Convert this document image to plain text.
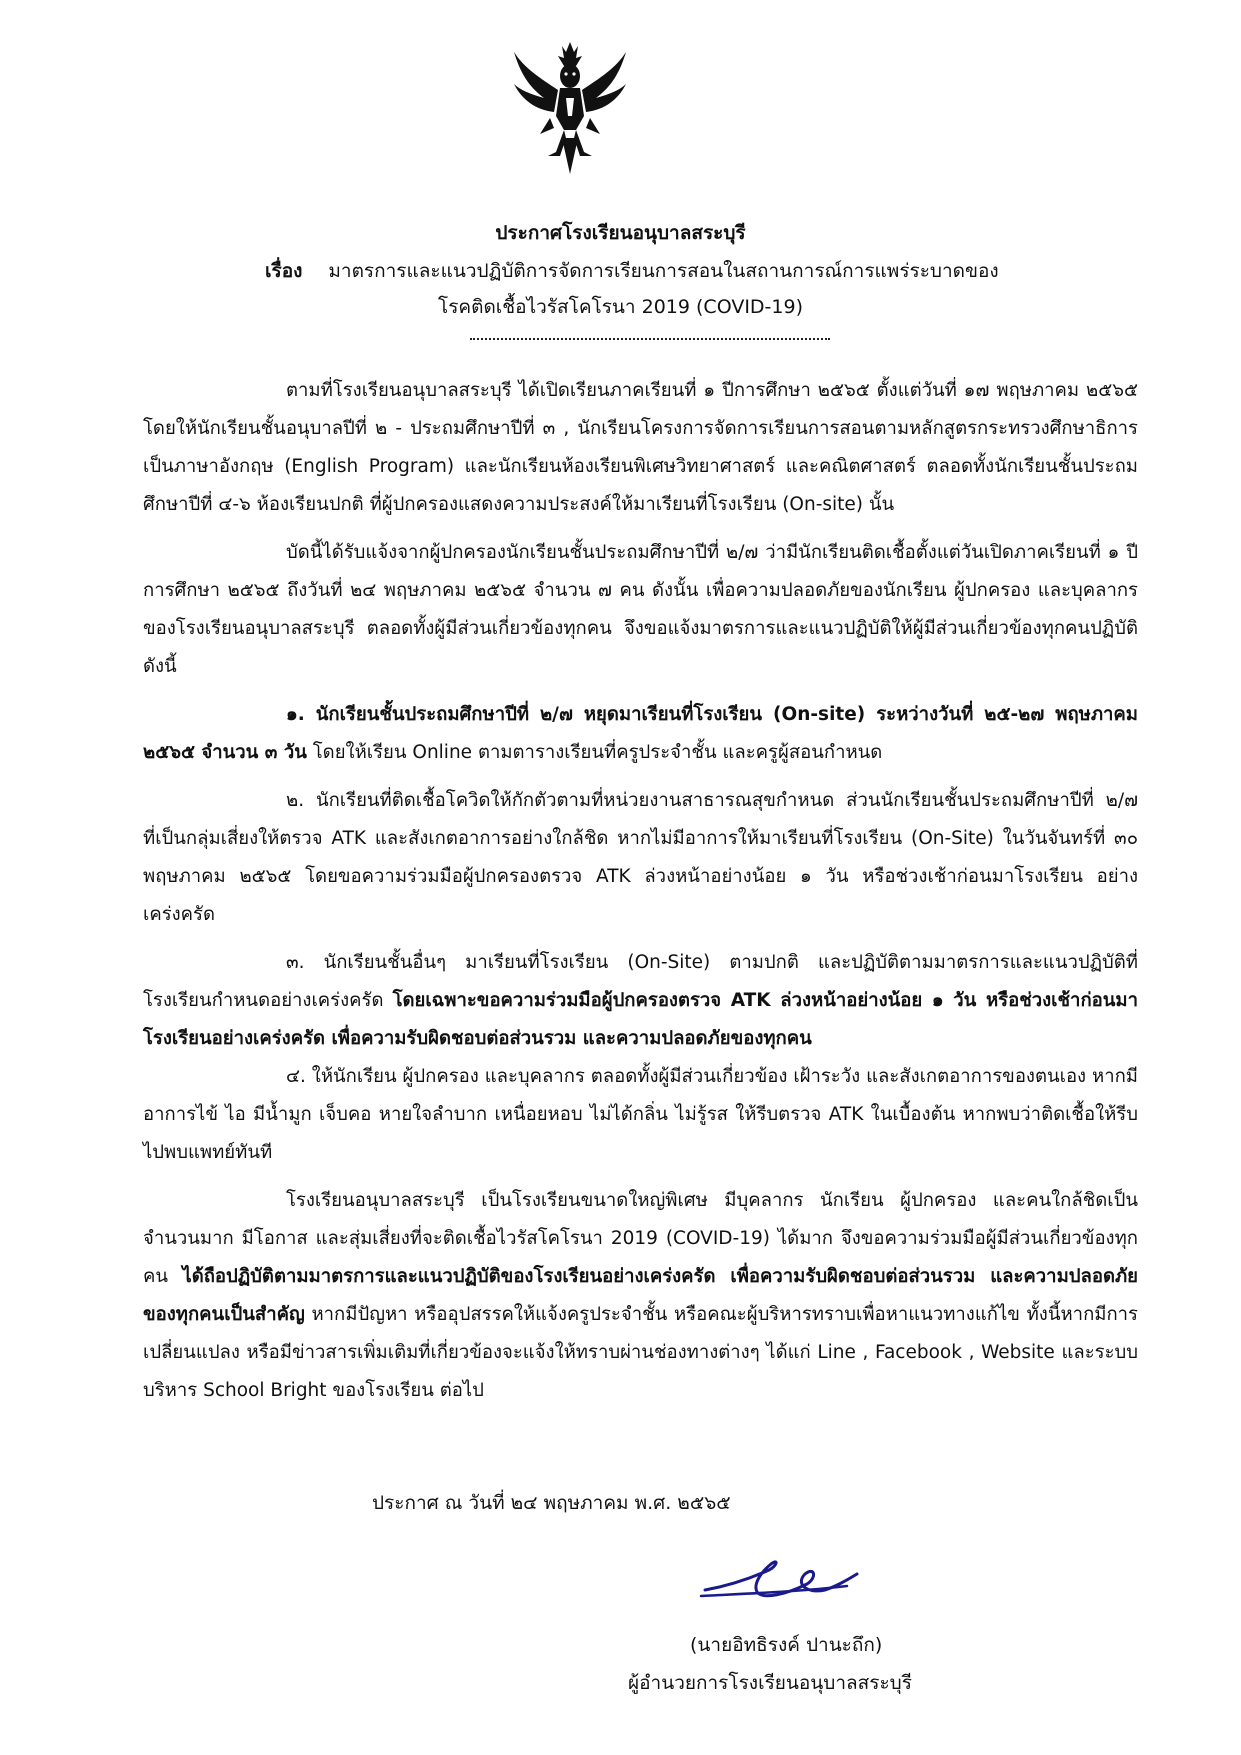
ประกาศโรงเรียนอนุบาลสระบุรี
เรื่อง มาตรการและแนวปฏิบัติการจัดการเรียนการสอนในสถานการณ์การแพร่ระบาดของ
โรคติดเชื้อไวรัสโคโรนา 2019 (COVID-19)

ตามที่โรงเรียนอนุบาลสระบุรี ได้เปิดเรียนภาคเรียนที่ ๑ ปีการศึกษา ๒๕๖๕ ตั้งแต่วันที่ ๑๗ พฤษภาคม ๒๕๖๕ โดยให้นักเรียนชั้นอนุบาลปีที่ ๒ - ประถมศึกษาปีที่ ๓ , นักเรียนโครงการจัดการเรียนการสอนตามหลักสูตรกระทรวงศึกษาธิการเป็นภาษาอังกฤษ (English Program) และนักเรียนห้องเรียนพิเศษวิทยาศาสตร์ และคณิตศาสตร์ ตลอดทั้งนักเรียนชั้นประถมศึกษาปีที่ ๔-๖ ห้องเรียนปกติ ที่ผู้ปกครองแสดงความประสงค์ให้มาเรียนที่โรงเรียน (On-site) นั้น

บัดนี้ได้รับแจ้งจากผู้ปกครองนักเรียนชั้นประถมศึกษาปีที่ ๒/๗ ว่ามีนักเรียนติดเชื้อตั้งแต่วันเปิดภาคเรียนที่ ๑ ปีการศึกษา ๒๕๖๕ ถึงวันที่ ๒๔ พฤษภาคม ๒๕๖๕ จำนวน ๗ คน ดังนั้น เพื่อความปลอดภัยของนักเรียน ผู้ปกครอง และบุคลากรของโรงเรียนอนุบาลสระบุรี ตลอดทั้งผู้มีส่วนเกี่ยวข้องทุกคน จึงขอแจ้งมาตรการและแนวปฏิบัติให้ผู้มีส่วนเกี่ยวข้องทุกคนปฏิบัติดังนี้

๑. นักเรียนชั้นประถมศึกษาปีที่ ๒/๗ หยุดมาเรียนที่โรงเรียน (On-site) ระหว่างวันที่ ๒๕-๒๗ พฤษภาคม ๒๕๖๕ จำนวน ๓ วัน โดยให้เรียน Online ตามตารางเรียนที่ครูประจำชั้น และครูผู้สอนกำหนด

๒. นักเรียนที่ติดเชื้อโควิดให้กักตัวตามที่หน่วยงานสาธารณสุขกำหนด ส่วนนักเรียนชั้นประถมศึกษาปีที่ ๒/๗ ที่เป็นกลุ่มเสี่ยงให้ตรวจ ATK และสังเกตอาการอย่างใกล้ชิด หากไม่มีอาการให้มาเรียนที่โรงเรียน (On-Site) ในวันจันทร์ที่ ๓๐ พฤษภาคม ๒๕๖๕ โดยขอความร่วมมือผู้ปกครองตรวจ ATK ล่วงหน้าอย่างน้อย ๑ วัน หรือช่วงเช้าก่อนมาโรงเรียน อย่างเคร่งครัด

๓. นักเรียนชั้นอื่นๆ มาเรียนที่โรงเรียน (On-Site) ตามปกติ และปฏิบัติตามมาตรการและแนวปฏิบัติที่โรงเรียนกำหนดอย่างเคร่งครัด โดยเฉพาะขอความร่วมมือผู้ปกครองตรวจ ATK ล่วงหน้าอย่างน้อย ๑ วัน หรือช่วงเช้าก่อนมาโรงเรียนอย่างเคร่งครัด เพื่อความรับผิดชอบต่อส่วนรวม และความปลอดภัยของทุกคน

๔. ให้นักเรียน ผู้ปกครอง และบุคลากร ตลอดทั้งผู้มีส่วนเกี่ยวข้อง เฝ้าระวัง และสังเกตอาการของตนเอง หากมีอาการไข้ ไอ มีน้ำมูก เจ็บคอ หายใจลำบาก เหนื่อยหอบ ไม่ได้กลิ่น ไม่รู้รส ให้รีบตรวจ ATK ในเบื้องต้น หากพบว่าติดเชื้อให้รีบไปพบแพทย์ทันที

โรงเรียนอนุบาลสระบุรี เป็นโรงเรียนขนาดใหญ่พิเศษ มีบุคลากร นักเรียน ผู้ปกครอง และคนใกล้ชิดเป็นจำนวนมาก มีโอกาส และสุ่มเสี่ยงที่จะติดเชื้อไวรัสโคโรนา 2019 (COVID-19) ได้มาก จึงขอความร่วมมือผู้มีส่วนเกี่ยวข้องทุกคน ได้ถือปฏิบัติตามมาตรการและแนวปฏิบัติของโรงเรียนอย่างเคร่งครัด เพื่อความรับผิดชอบต่อส่วนรวม และความปลอดภัยของทุกคนเป็นสำคัญ หากมีปัญหา หรืออุปสรรคให้แจ้งครูประจำชั้น หรือคณะผู้บริหารทราบเพื่อหาแนวทางแก้ไข ทั้งนี้หากมีการเปลี่ยนแปลง หรือมีข่าวสารเพิ่มเติมที่เกี่ยวข้องจะแจ้งให้ทราบผ่านช่องทางต่างๆ ได้แก่ Line , Facebook , Website และระบบบริหาร School Bright ของโรงเรียน ต่อไป

ประกาศ ณ วันที่ ๒๔ พฤษภาคม พ.ศ. ๒๕๖๕
(นายอิทธิรงค์ ปานะถึก)
ผู้อำนวยการโรงเรียนอนุบาลสระบุรี
